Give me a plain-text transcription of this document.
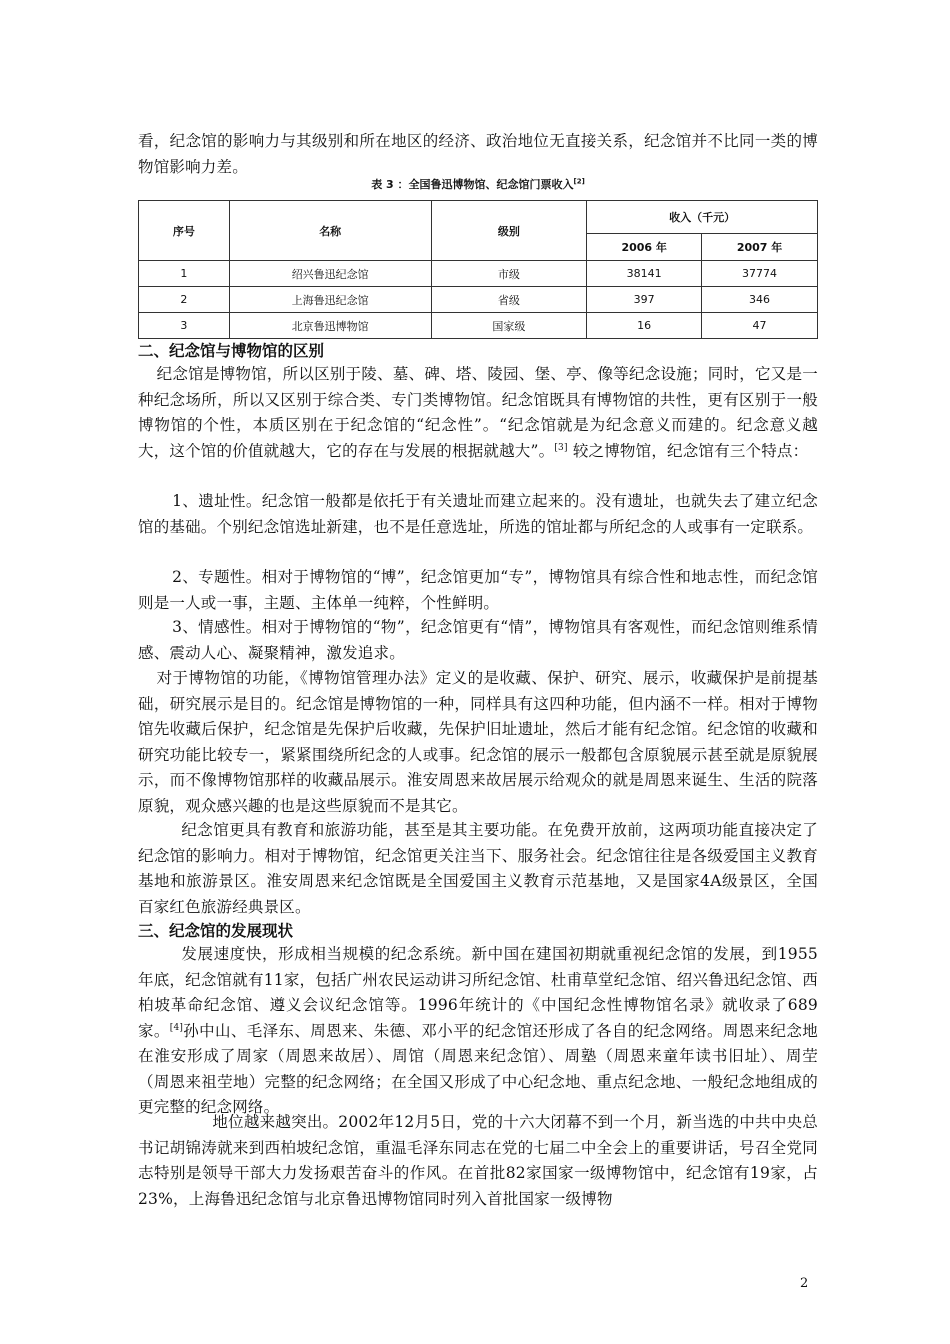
看，纪念馆的影响力与其级别和所在地区的经济、政治地位无直接关系，纪念馆并不比同一类的博物馆影响力差。
表 3 ：全国鲁迅博物馆、纪念馆门票收入[2]
序号	名称	级别	收入（千元）	
			2006 年	2007 年
1	绍兴鲁迅纪念馆	市级	38141	37774
2	上海鲁迅纪念馆	省级	397	346
3	北京鲁迅博物馆	国家级	16	47
二、纪念馆与博物馆的区别
纪念馆是博物馆，所以区别于陵、墓、碑、塔、陵园、堡、亭、像等纪念设施；同时，它又是一种纪念场所，所以又区别于综合类、专门类博物馆。纪念馆既具有博物馆的共性，更有区别于一般博物馆的个性，本质区别在于纪念馆的“纪念性”。“纪念馆就是为纪念意义而建的。纪念意义越大，这个馆的价值就越大，它的存在与发展的根据就越大”。[3] 较之博物馆，纪念馆有三个特点：
1、遗址性。纪念馆一般都是依托于有关遗址而建立起来的。没有遗址，也就失去了建立纪念馆的基础。个别纪念馆选址新建，也不是任意选址，所选的馆址都与所纪念的人或事有一定联系。
2、专题性。相对于博物馆的“博”，纪念馆更加“专”，博物馆具有综合性和地志性，而纪念馆则是一人或一事，主题、主体单一纯粹，个性鲜明。
3、情感性。相对于博物馆的“物”，纪念馆更有“情”，博物馆具有客观性，而纪念馆则维系情感、震动人心、凝聚精神，激发追求。
对于博物馆的功能，《博物馆管理办法》定义的是收藏、保护、研究、展示，收藏保护是前提基础，研究展示是目的。纪念馆是博物馆的一种，同样具有这四种功能，但内涵不一样。相对于博物馆先收藏后保护，纪念馆是先保护后收藏，先保护旧址遗址，然后才能有纪念馆。纪念馆的收藏和研究功能比较专一，紧紧围绕所纪念的人或事。纪念馆的展示一般都包含原貌展示甚至就是原貌展示，而不像博物馆那样的收藏品展示。淮安周恩来故居展示给观众的就是周恩来诞生、生活的院落原貌，观众感兴趣的也是这些原貌而不是其它。
纪念馆更具有教育和旅游功能，甚至是其主要功能。在免费开放前，这两项功能直接决定了纪念馆的影响力。相对于博物馆，纪念馆更关注当下、服务社会。纪念馆往往是各级爱国主义教育基地和旅游景区。淮安周恩来纪念馆既是全国爱国主义教育示范基地，又是国家4A级景区，全国百家红色旅游经典景区。
三、纪念馆的发展现状
发展速度快，形成相当规模的纪念系统。新中国在建国初期就重视纪念馆的发展，到1955年底，纪念馆就有11家，包括广州农民运动讲习所纪念馆、杜甫草堂纪念馆、绍兴鲁迅纪念馆、西柏坡革命纪念馆、遵义会议纪念馆等。1996年统计的《中国纪念性博物馆名录》就收录了689家。[4]孙中山、毛泽东、周恩来、朱德、邓小平的纪念馆还形成了各自的纪念网络。周恩来纪念地在淮安形成了周家（周恩来故居）、周馆（周恩来纪念馆）、周塾（周恩来童年读书旧址）、周茔（周恩来祖茔地）完整的纪念网络；在全国又形成了中心纪念地、重点纪念地、一般纪念地组成的更完整的纪念网络。
地位越来越突出。2002年12月5日，党的十六大闭幕不到一个月，新当选的中共中央总书记胡锦涛就来到西柏坡纪念馆，重温毛泽东同志在党的七届二中全会上的重要讲话，号召全党同志特别是领导干部大力发扬艰苦奋斗的作风。在首批82家国家一级博物馆中，纪念馆有19家，占23%，上海鲁迅纪念馆与北京鲁迅博物馆同时列入首批国家一级博物
2
